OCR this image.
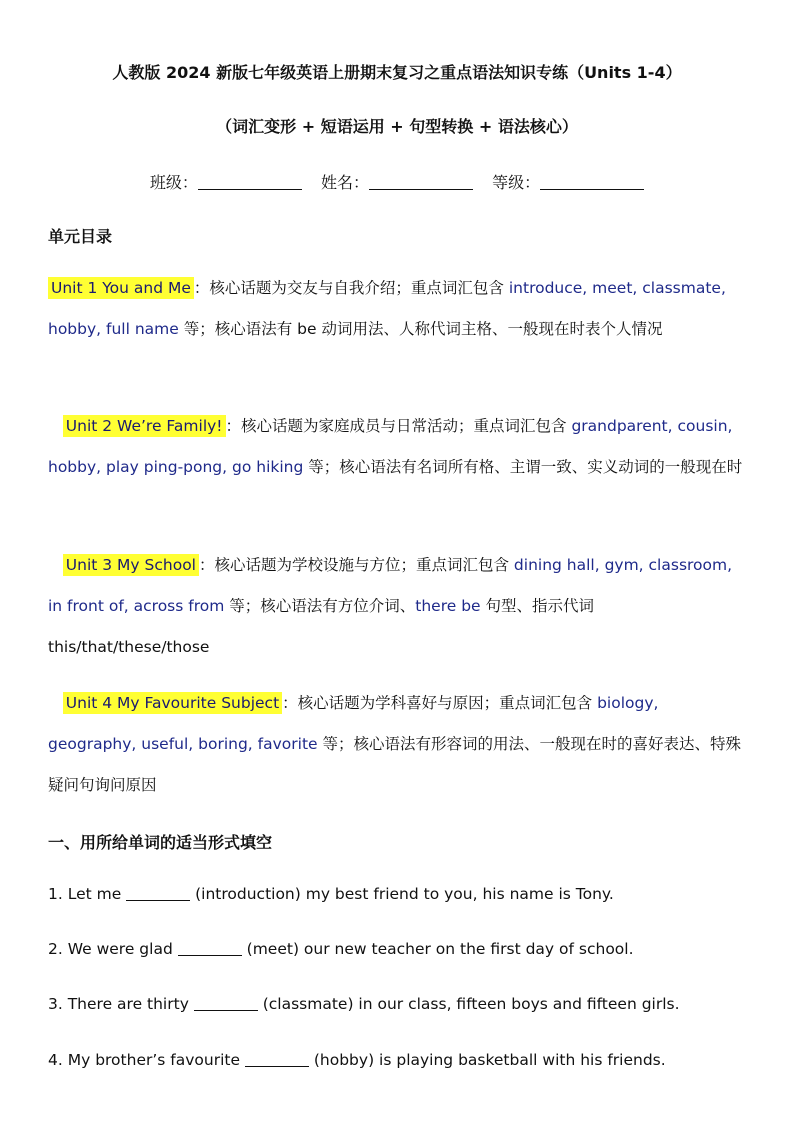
人教版 2024 新版七年级英语上册期末复习之重点语法知识专练（Units 1-4）
（词汇变形 + 短语运用 + 句型转换 + 语法核心）
班级：	姓名：	等级：
单元目录

Unit 1 You and Me ：核心话题为交友与自我介绍；重点词汇包含 introduce, meet, classmate, hobby, full name 等；核心语法有 be 动词用法、人称代词主格、一般现在时表个人情况

Unit 2 We’re Family! ：核心话题为家庭成员与日常活动；重点词汇包含 grandparent, cousin, hobby, play ping-pong, go hiking 等；核心语法有名词所有格、主谓一致、实义动词的一般现在时

Unit 3 My School ：核心话题为学校设施与方位；重点词汇包含 dining hall, gym, classroom, in front of, across from 等；核心语法有方位介词、there be 句型、指示代词 this/that/these/those

Unit 4 My Favourite Subject ：核心话题为学科喜好与原因；重点词汇包含 biology, geography, useful, boring, favorite 等；核心语法有形容词的用法、一般现在时的喜好表达、特殊疑问句询问原因

一、用所给单词的适当形式填空

1. Let me	(introduction) my best friend to you, his name is Tony.

2. We were glad	(meet) our new teacher on the first day of school.

3. There are thirty	(classmate) in our class, fifteen boys and fifteen girls.

4. My brother’s favourite	(hobby) is playing basketball with his friends.
